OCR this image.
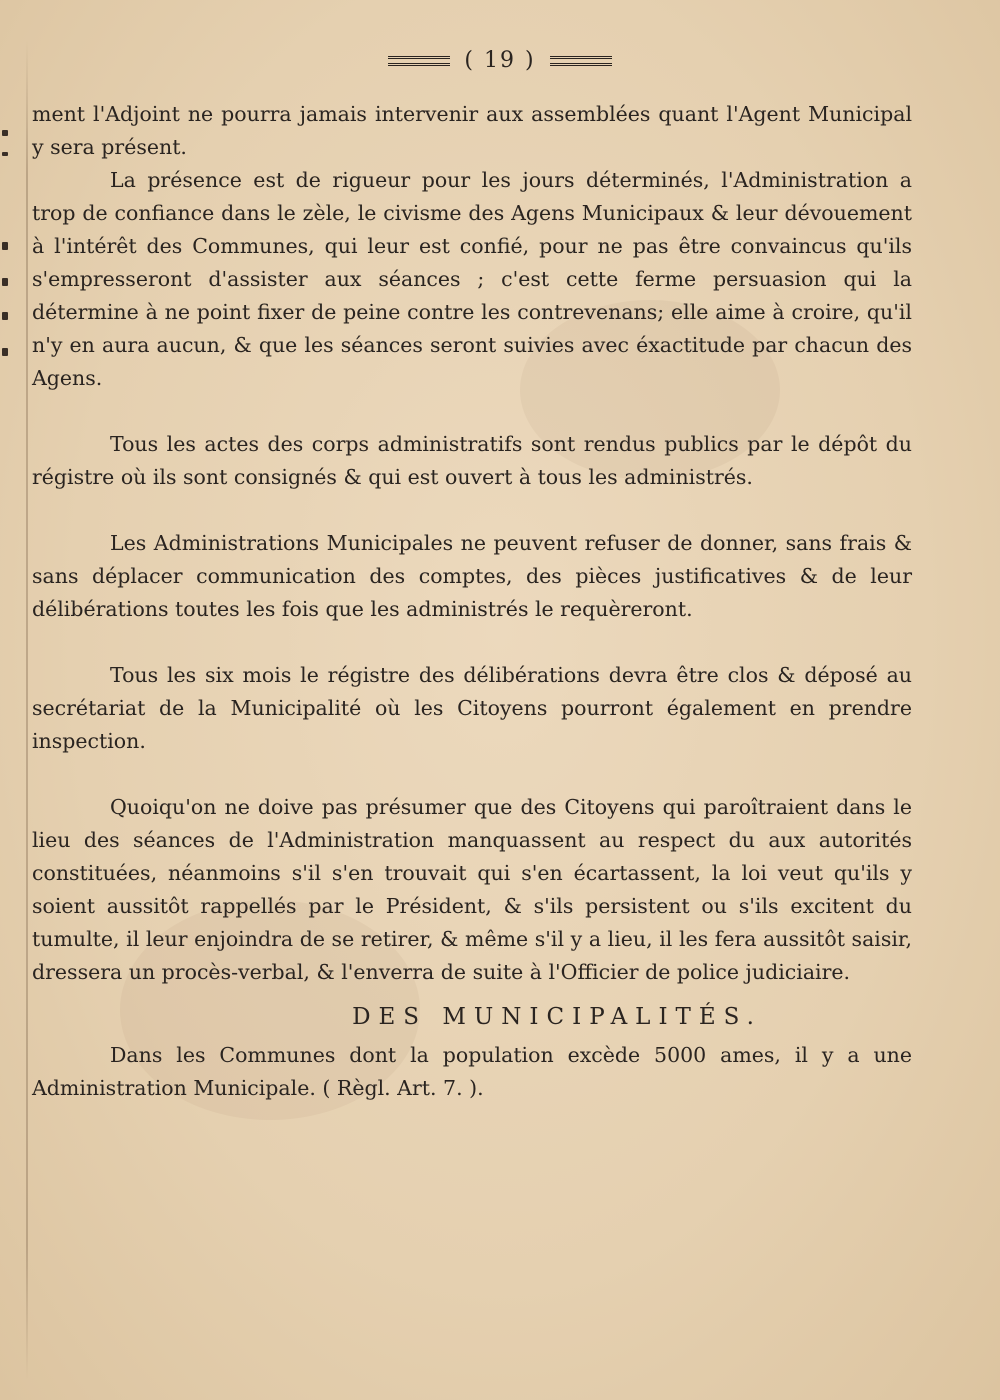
( 19 )

ment l'Adjoint ne pourra jamais intervenir aux assemblées quant l'Agent Municipal y sera présent.

La présence est de rigueur pour les jours déterminés, l'Administration a trop de confiance dans le zèle, le civisme des Agens Municipaux & leur dévouement à l'intérêt des Communes, qui leur est confié, pour ne pas être convaincus qu'ils s'empresseront d'assister aux séances ; c'est cette ferme persuasion qui la détermine à ne point fixer de peine contre les contrevenans; elle aime à croire, qu'il n'y en aura aucun, & que les séances seront suivies avec éxactitude par chacun des Agens.

Tous les actes des corps administratifs sont rendus publics par le dépôt du régistre où ils sont consignés & qui est ouvert à tous les administrés.

Les Administrations Municipales ne peuvent refuser de donner, sans frais & sans déplacer communication des comptes, des pièces justificatives & de leur délibérations toutes les fois que les administrés le requèreront.

Tous les six mois le régistre des délibérations devra être clos & déposé au secrétariat de la Municipalité où les Citoyens pourront également en prendre inspection.

Quoiqu'on ne doive pas présumer que des Citoyens qui paroîtraient dans le lieu des séances de l'Administration manquassent au respect du aux autorités constituées, néanmoins s'il s'en trouvait qui s'en écartassent, la loi veut qu'ils y soient aussitôt rappellés par le Président, & s'ils persistent ou s'ils excitent du tumulte, il leur enjoindra de se retirer, & même s'il y a lieu, il les fera aussitôt saisir, dressera un procès-verbal, & l'enverra de suite à l'Officier de police judiciaire.

DES MUNICIPALITÉS.

Dans les Communes dont la population excède 5000 ames, il y a une Administration Municipale. ( Règl. Art. 7. ).
